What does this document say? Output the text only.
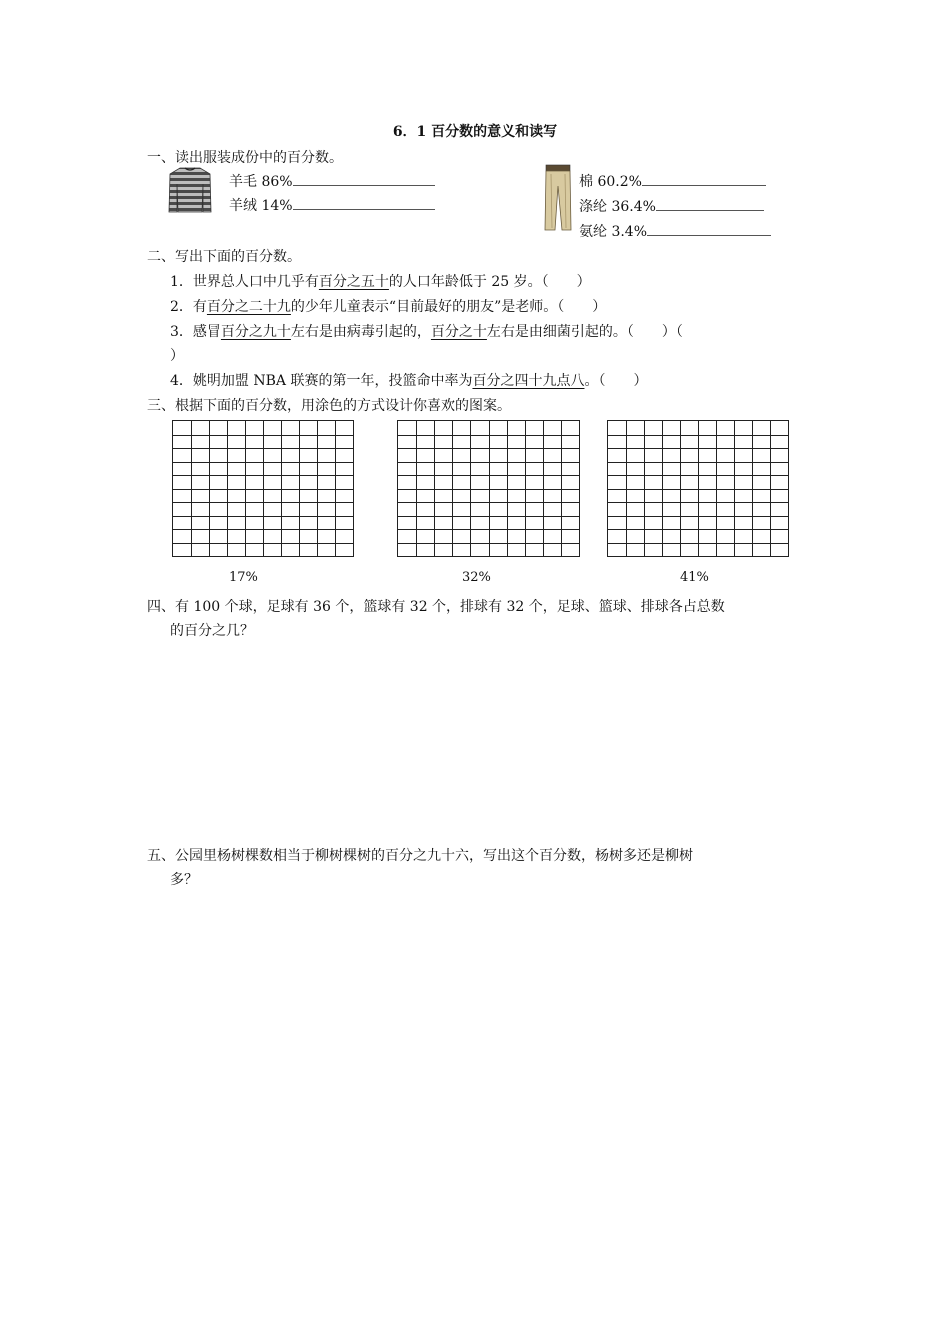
6．1 百分数的意义和读写
一、读出服装成份中的百分数。
羊毛 86%
羊绒 14%
棉 60.2%
涤纶 36.4%
氨纶 3.4%
二、写出下面的百分数。
1．世界总人口中几乎有百分之五十的人口年龄低于 25 岁。（　　）
2．有百分之二十九的少年儿童表示“目前最好的朋友”是老师。（　　）
3．感冒百分之九十左右是由病毒引起的，百分之十左右是由细菌引起的。（　　）（
）
4．姚明加盟 NBA 联赛的第一年，投篮命中率为百分之四十九点八。（　　）
三、根据下面的百分数，用涂色的方式设计你喜欢的图案。
17%	32%	41%
四、有 100 个球，足球有 36 个，篮球有 32 个，排球有 32 个，足球、篮球、排球各占总数
的百分之几？
五、公园里杨树棵数相当于柳树棵树的百分之九十六，写出这个百分数，杨树多还是柳树
多？
